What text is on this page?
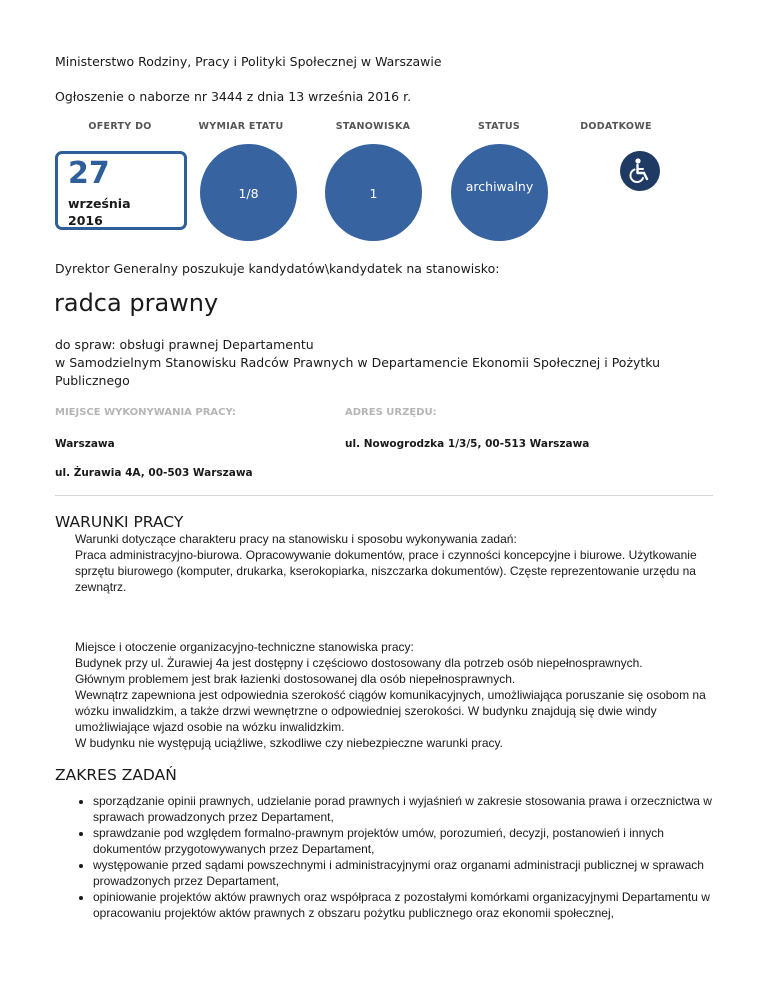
Ministerstwo Rodziny, Pracy i Polityki Społecznej w Warszawie
Ogłoszenie o naborze nr 3444 z dnia 13 września 2016 r.
OFERTY DO	WYMIAR ETATU	STANOWISKA	STATUS	DODATKOWE
27
września
2016
1/8	1	archiwalny
Dyrektor Generalny poszukuje kandydatów\kandydatek na stanowisko:
radca prawny
do spraw: obsługi prawnej Departamentu
w Samodzielnym Stanowisku Radców Prawnych w Departamencie Ekonomii Społecznej i Pożytku Publicznego
MIEJSCE WYKONYWANIA PRACY:	ADRES URZĘDU:
Warszawa	ul. Nowogrodzka 1/3/5, 00-513 Warszawa
ul. Żurawia 4A, 00-503 Warszawa
WARUNKI PRACY

Warunki dotyczące charakteru pracy na stanowisku i sposobu wykonywania zadań:

Praca administracyjno-biurowa. Opracowywanie dokumentów, prace i czynności koncepcyjne i biurowe. Użytkowanie sprzętu biurowego (komputer, drukarka, kserokopiarka, niszczarka dokumentów). Częste reprezentowanie urzędu na zewnątrz.

Miejsce i otoczenie organizacyjno-techniczne stanowiska pracy:

Budynek przy ul. Żurawiej 4a jest dostępny i częściowo dostosowany dla potrzeb osób niepełnosprawnych.

Głównym problemem jest brak łazienki dostosowanej dla osób niepełnosprawnych.

Wewnątrz zapewniona jest odpowiednia szerokość ciągów komunikacyjnych, umożliwiająca poruszanie się osobom na wózku inwalidzkim, a także drzwi wewnętrzne o odpowiedniej szerokości. W budynku znajdują się dwie windy umożliwiające wjazd osobie na wózku inwalidzkim.

W budynku nie występują uciążliwe, szkodliwe czy niebezpieczne warunki pracy.

ZAKRES ZADAŃ
• sporządzanie opinii prawnych, udzielanie porad prawnych i wyjaśnień w zakresie stosowania prawa i orzecznictwa w sprawach prowadzonych przez Departament,
• sprawdzanie pod względem formalno-prawnym projektów umów, porozumień, decyzji, postanowień i innych dokumentów przygotowywanych przez Departament,
• występowanie przed sądami powszechnymi i administracyjnymi oraz organami administracji publicznej w sprawach prowadzonych przez Departament,
• opiniowanie projektów aktów prawnych oraz współpraca z pozostałymi komórkami organizacyjnymi Departamentu w opracowaniu projektów aktów prawnych z obszaru pożytku publicznego oraz ekonomii społecznej,
